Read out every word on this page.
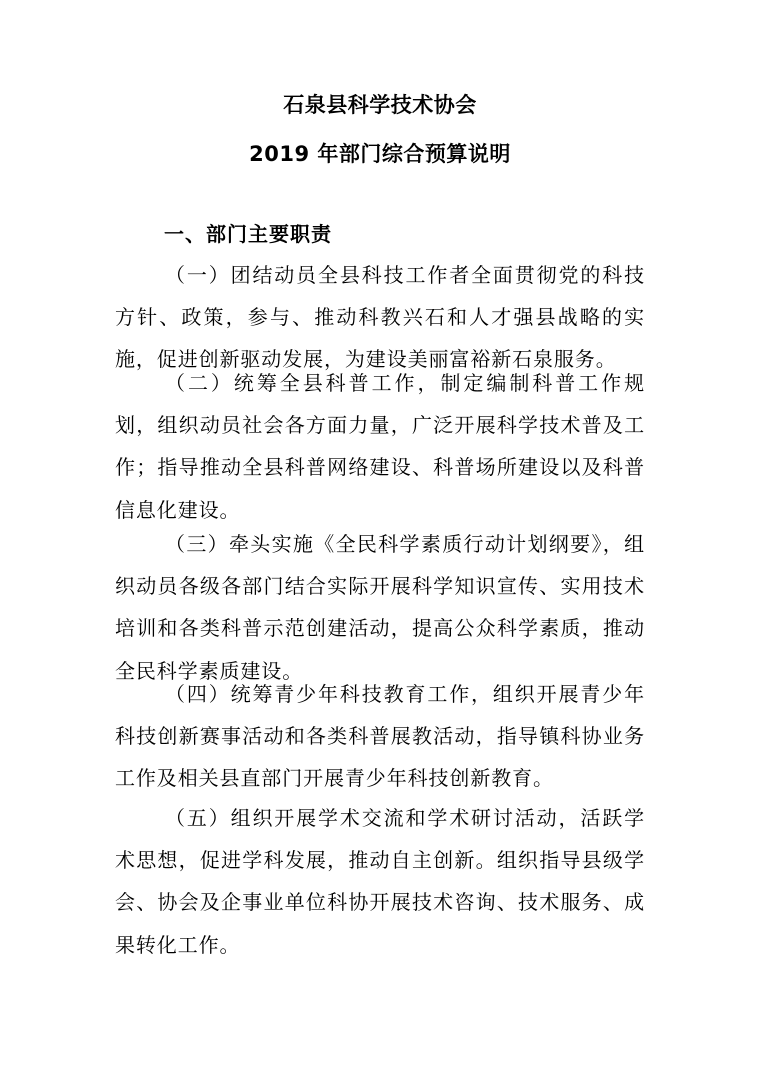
石泉县科学技术协会
2019 年部门综合预算说明
一、部门主要职责

（一）团结动员全县科技工作者全面贯彻党的科技方针、政策，参与、推动科教兴石和人才强县战略的实施，促进创新驱动发展，为建设美丽富裕新石泉服务。

（二）统筹全县科普工作，制定编制科普工作规划，组织动员社会各方面力量，广泛开展科学技术普及工作；指导推动全县科普网络建设、科普场所建设以及科普信息化建设。

（三）牵头实施《全民科学素质行动计划纲要》，组织动员各级各部门结合实际开展科学知识宣传、实用技术培训和各类科普示范创建活动，提高公众科学素质，推动全民科学素质建设。

（四）统筹青少年科技教育工作，组织开展青少年科技创新赛事活动和各类科普展教活动，指导镇科协业务工作及相关县直部门开展青少年科技创新教育。

（五）组织开展学术交流和学术研讨活动，活跃学术思想，促进学科发展，推动自主创新。组织指导县级学会、协会及企事业单位科协开展技术咨询、技术服务、成果转化工作。
